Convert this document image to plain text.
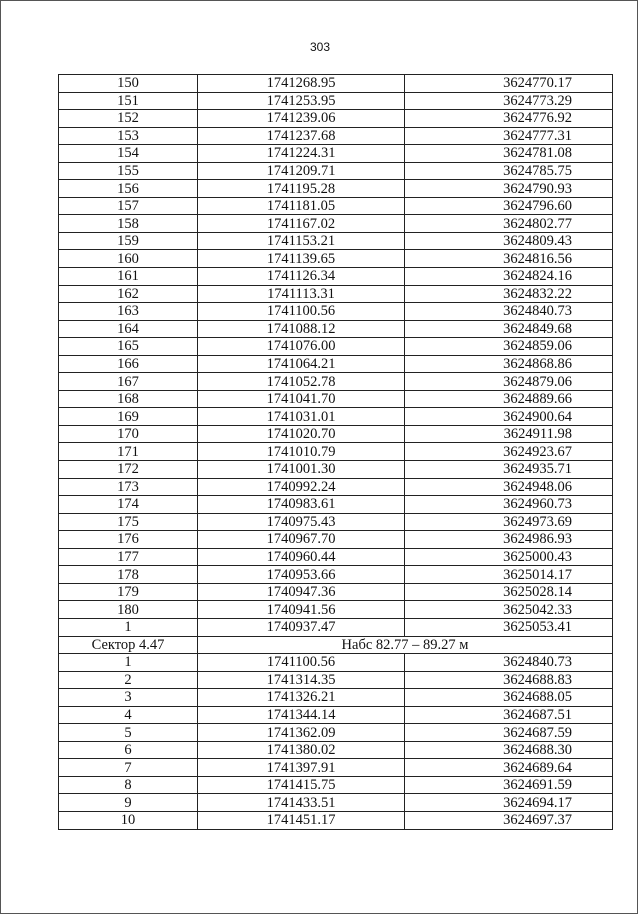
303
150	1741268.95	3624770.17
151	1741253.95	3624773.29
152	1741239.06	3624776.92
153	1741237.68	3624777.31
154	1741224.31	3624781.08
155	1741209.71	3624785.75
156	1741195.28	3624790.93
157	1741181.05	3624796.60
158	1741167.02	3624802.77
159	1741153.21	3624809.43
160	1741139.65	3624816.56
161	1741126.34	3624824.16
162	1741113.31	3624832.22
163	1741100.56	3624840.73
164	1741088.12	3624849.68
165	1741076.00	3624859.06
166	1741064.21	3624868.86
167	1741052.78	3624879.06
168	1741041.70	3624889.66
169	1741031.01	3624900.64
170	1741020.70	3624911.98
171	1741010.79	3624923.67
172	1741001.30	3624935.71
173	1740992.24	3624948.06
174	1740983.61	3624960.73
175	1740975.43	3624973.69
176	1740967.70	3624986.93
177	1740960.44	3625000.43
178	1740953.66	3625014.17
179	1740947.36	3625028.14
180	1740941.56	3625042.33
1	1740937.47	3625053.41
Сектор 4.47	Набс 82.77 – 89.27 м	
1	1741100.56	3624840.73
2	1741314.35	3624688.83
3	1741326.21	3624688.05
4	1741344.14	3624687.51
5	1741362.09	3624687.59
6	1741380.02	3624688.30
7	1741397.91	3624689.64
8	1741415.75	3624691.59
9	1741433.51	3624694.17
10	1741451.17	3624697.37
